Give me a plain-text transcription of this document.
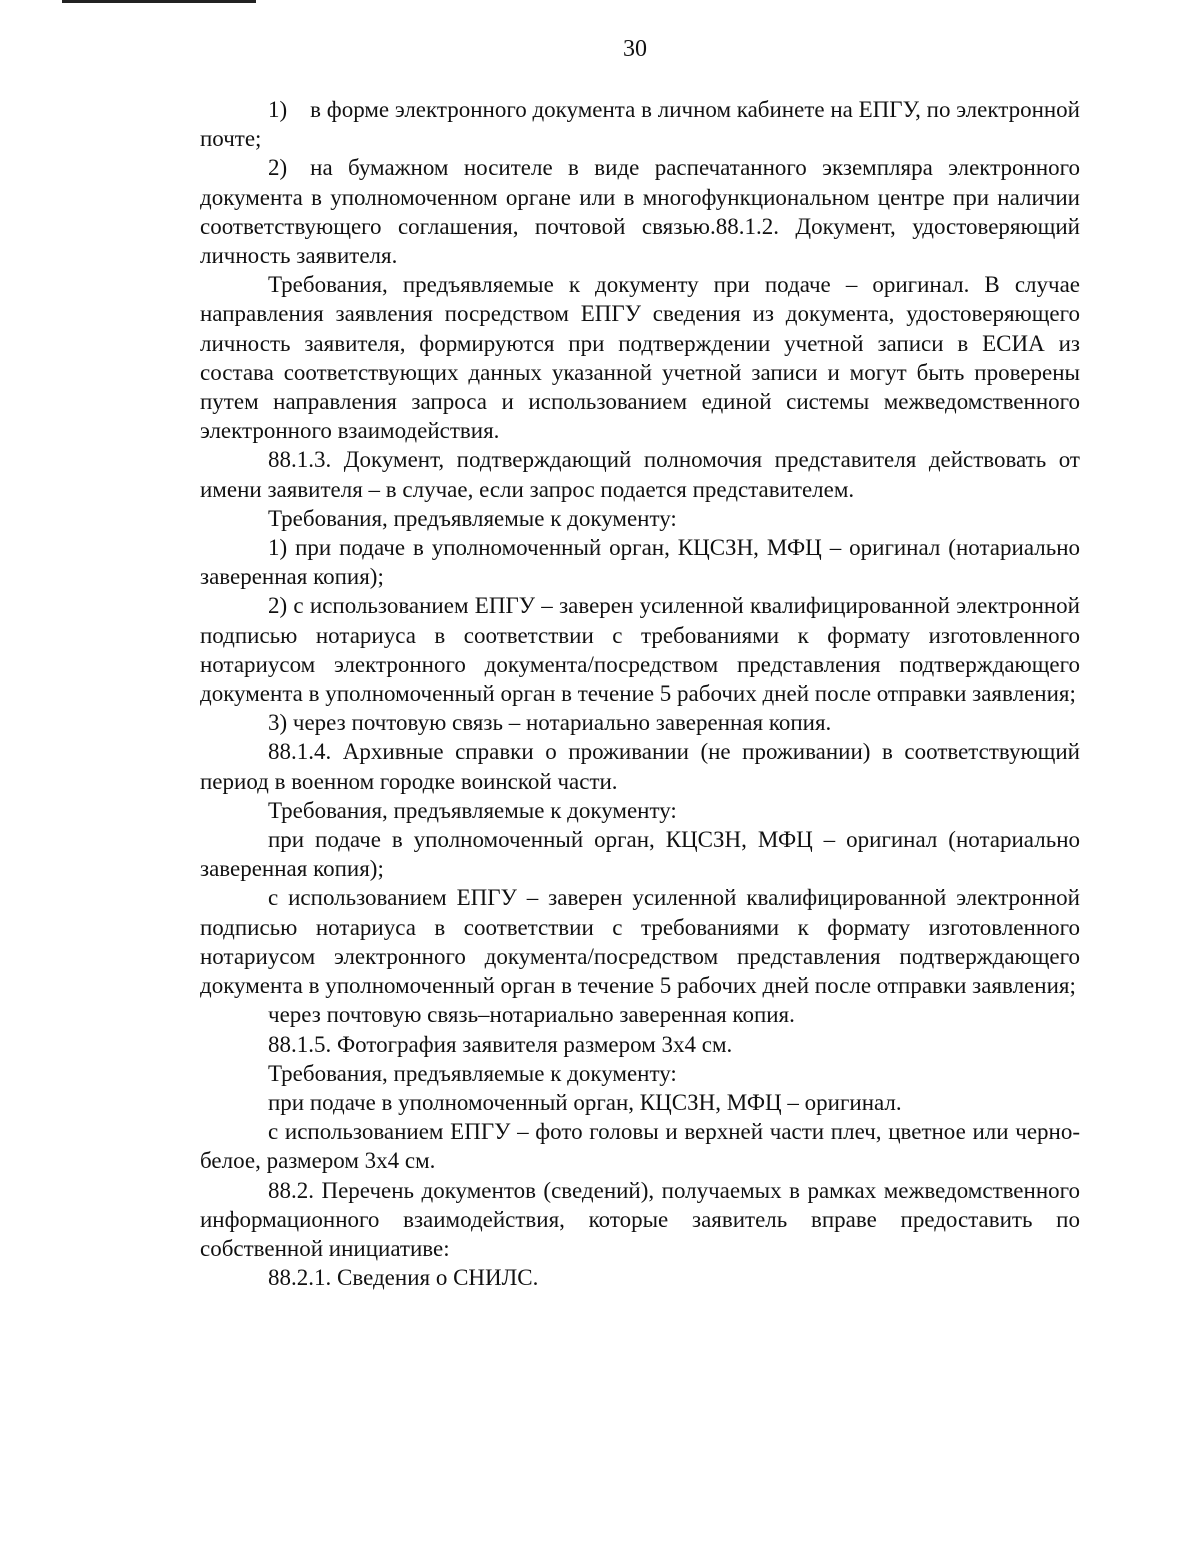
30

1) в форме электронного документа в личном кабинете на ЕПГУ, по электронной почте;

2) на бумажном носителе в виде распечатанного экземпляра электронного документа в уполномоченном органе или в многофункциональном центре при наличии соответствующего соглашения, почтовой связью.88.1.2. Документ, удостоверяющий личность заявителя.

Требования, предъявляемые к документу при подаче – оригинал. В случае направления заявления посредством ЕПГУ сведения из документа, удостоверяющего личность заявителя, формируются при подтверждении учетной записи в ЕСИА из состава соответствующих данных указанной учетной записи и могут быть проверены путем направления запроса и использованием единой системы межведомственного электронного взаимодействия.

88.1.3. Документ, подтверждающий полномочия представителя действовать от имени заявителя – в случае, если запрос подается представителем.

Требования, предъявляемые к документу:

1) при подаче в уполномоченный орган, КЦСЗН, МФЦ – оригинал (нотариально заверенная копия);

2) с использованием ЕПГУ – заверен усиленной квалифицированной электронной подписью нотариуса в соответствии с требованиями к формату изготовленного нотариусом электронного документа/посредством представления подтверждающего документа в уполномоченный орган в течение 5 рабочих дней после отправки заявления;

3) через почтовую связь – нотариально заверенная копия.

88.1.4. Архивные справки о проживании (не проживании) в соответствующий период в военном городке воинской части.

Требования, предъявляемые к документу:

при подаче в уполномоченный орган, КЦСЗН, МФЦ – оригинал (нотариально заверенная копия);

с использованием ЕПГУ – заверен усиленной квалифицированной электронной подписью нотариуса в соответствии с требованиями к формату изготовленного нотариусом электронного документа/посредством представления подтверждающего документа в уполномоченный орган в течение 5 рабочих дней после отправки заявления;

через почтовую связь–нотариально заверенная копия.

88.1.5. Фотография заявителя размером 3х4 см.

Требования, предъявляемые к документу:

при подаче в уполномоченный орган, КЦСЗН, МФЦ – оригинал.

с использованием ЕПГУ – фото головы и верхней части плеч, цветное или черно-белое, размером 3х4 см.

88.2. Перечень документов (сведений), получаемых в рамках межведомственного информационного взаимодействия, которые заявитель вправе предоставить по собственной инициативе:

88.2.1. Сведения о СНИЛС.
